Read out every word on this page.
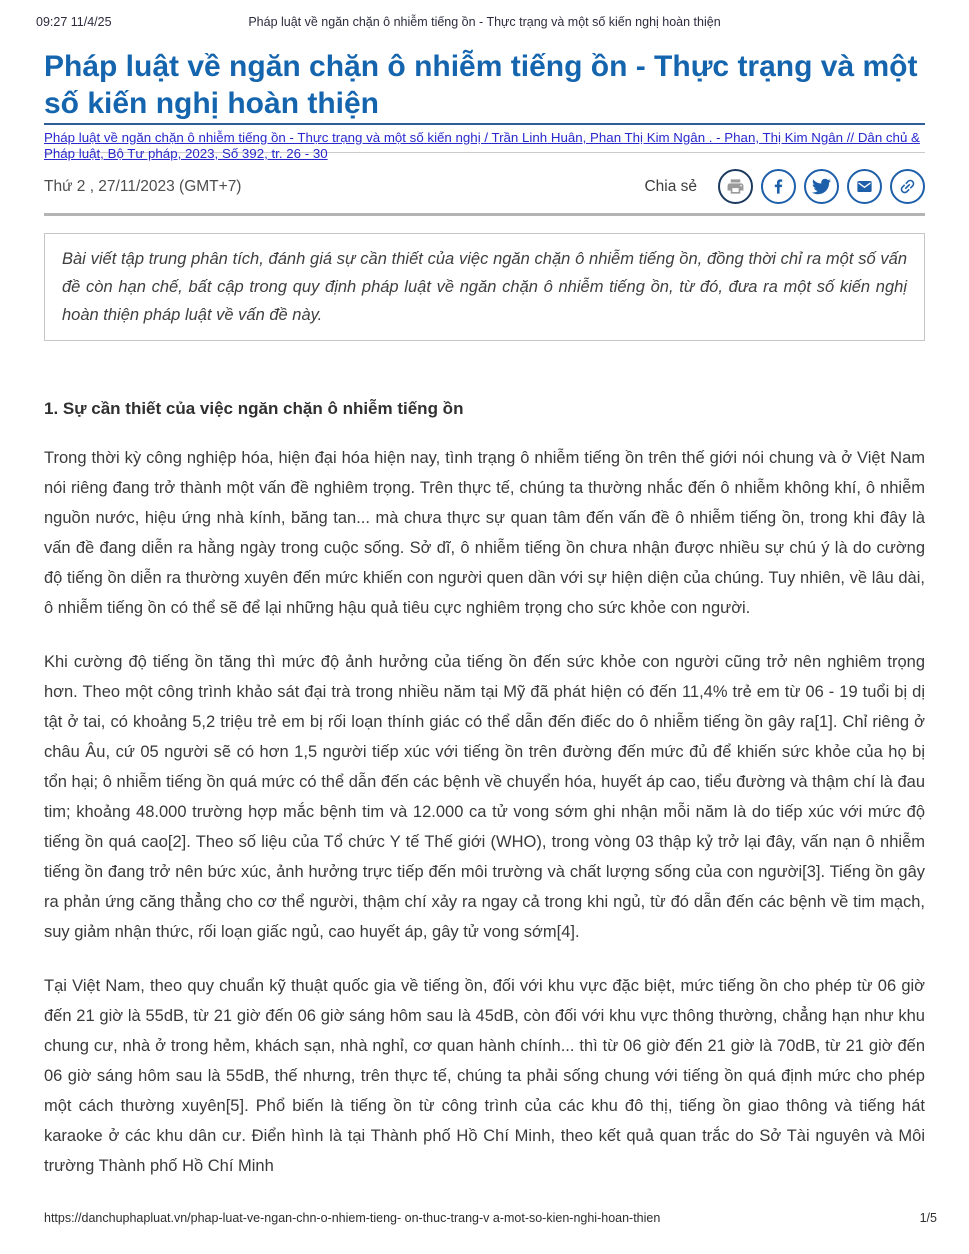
09:27 11/4/25	Pháp luật về ngăn chặn ô nhiễm tiếng ồn - Thực trạng và một số kiến nghị hoàn thiện
Pháp luật về ngăn chặn ô nhiễm tiếng ồn - Thực trạng và một số kiến nghị hoàn thiện
Pháp luật về ngăn chặn ô nhiễm tiếng ồn - Thực trạng và một số kiến nghị / Trần Linh Huân, Phan Thị Kim Ngân . - Phan, Thị Kim Ngân // Dân chủ & Pháp luật, Bộ Tư pháp, 2023, Số 392, tr. 26 - 30
Thứ 2 , 27/11/2023 (GMT+7)	Chia sẻ
Bài viết tập trung phân tích, đánh giá sự cần thiết của việc ngăn chặn ô nhiễm tiếng ồn, đồng thời chỉ ra một số vấn đề còn hạn chế, bất cập trong quy định pháp luật về ngăn chặn ô nhiễm tiếng ồn, từ đó, đưa ra một số kiến nghị hoàn thiện pháp luật về vấn đề này.
1. Sự cần thiết của việc ngăn chặn ô nhiễm tiếng ồn

Trong thời kỳ công nghiệp hóa, hiện đại hóa hiện nay, tình trạng ô nhiễm tiếng ồn trên thế giới nói chung và ở Việt Nam nói riêng đang trở thành một vấn đề nghiêm trọng. Trên thực tế, chúng ta thường nhắc đến ô nhiễm không khí, ô nhiễm nguồn nước, hiệu ứng nhà kính, băng tan... mà chưa thực sự quan tâm đến vấn đề ô nhiễm tiếng ồn, trong khi đây là vấn đề đang diễn ra hằng ngày trong cuộc sống. Sở dĩ, ô nhiễm tiếng ồn chưa nhận được nhiều sự chú ý là do cường độ tiếng ồn diễn ra thường xuyên đến mức khiến con người quen dần với sự hiện diện của chúng. Tuy nhiên, về lâu dài, ô nhiễm tiếng ồn có thể sẽ để lại những hậu quả tiêu cực nghiêm trọng cho sức khỏe con người.

Khi cường độ tiếng ồn tăng thì mức độ ảnh hưởng của tiếng ồn đến sức khỏe con người cũng trở nên nghiêm trọng hơn. Theo một công trình khảo sát đại trà trong nhiều năm tại Mỹ đã phát hiện có đến 11,4% trẻ em từ 06 - 19 tuổi bị dị tật ở tai, có khoảng 5,2 triệu trẻ em bị rối loạn thính giác có thể dẫn đến điếc do ô nhiễm tiếng ồn gây ra[1]. Chỉ riêng ở châu Âu, cứ 05 người sẽ có hơn 1,5 người tiếp xúc với tiếng ồn trên đường đến mức đủ để khiến sức khỏe của họ bị tổn hại; ô nhiễm tiếng ồn quá mức có thể dẫn đến các bệnh về chuyển hóa, huyết áp cao, tiểu đường và thậm chí là đau tim; khoảng 48.000 trường hợp mắc bệnh tim và 12.000 ca tử vong sớm ghi nhận mỗi năm là do tiếp xúc với mức độ tiếng ồn quá cao[2]. Theo số liệu của Tổ chức Y tế Thế giới (WHO), trong vòng 03 thập kỷ trở lại đây, vấn nạn ô nhiễm tiếng ồn đang trở nên bức xúc, ảnh hưởng trực tiếp đến môi trường và chất lượng sống của con người[3]. Tiếng ồn gây ra phản ứng căng thẳng cho cơ thể người, thậm chí xảy ra ngay cả trong khi ngủ, từ đó dẫn đến các bệnh về tim mạch, suy giảm nhận thức, rối loạn giấc ngủ, cao huyết áp, gây tử vong sớm[4].

Tại Việt Nam, theo quy chuẩn kỹ thuật quốc gia về tiếng ồn, đối với khu vực đặc biệt, mức tiếng ồn cho phép từ 06 giờ đến 21 giờ là 55dB, từ 21 giờ đến 06 giờ sáng hôm sau là 45dB, còn đối với khu vực thông thường, chẳng hạn như khu chung cư, nhà ở trong hẻm, khách sạn, nhà nghỉ, cơ quan hành chính... thì từ 06 giờ đến 21 giờ là 70dB, từ 21 giờ đến 06 giờ sáng hôm sau là 55dB, thế nhưng, trên thực tế, chúng ta phải sống chung với tiếng ồn quá định mức cho phép một cách thường xuyên[5]. Phổ biến là tiếng ồn từ công trình của các khu đô thị, tiếng ồn giao thông và tiếng hát karaoke ở các khu dân cư. Điển hình là tại Thành phố Hồ Chí Minh, theo kết quả quan trắc do Sở Tài nguyên và Môi trường Thành phố Hồ Chí Minh

https://danchuphapluat.vn/phap-luat-ve-ngan-chn-o-nhiem-tieng- on-thuc-trang-v a-mot-so-kien-nghi-hoan-thien	1/5
